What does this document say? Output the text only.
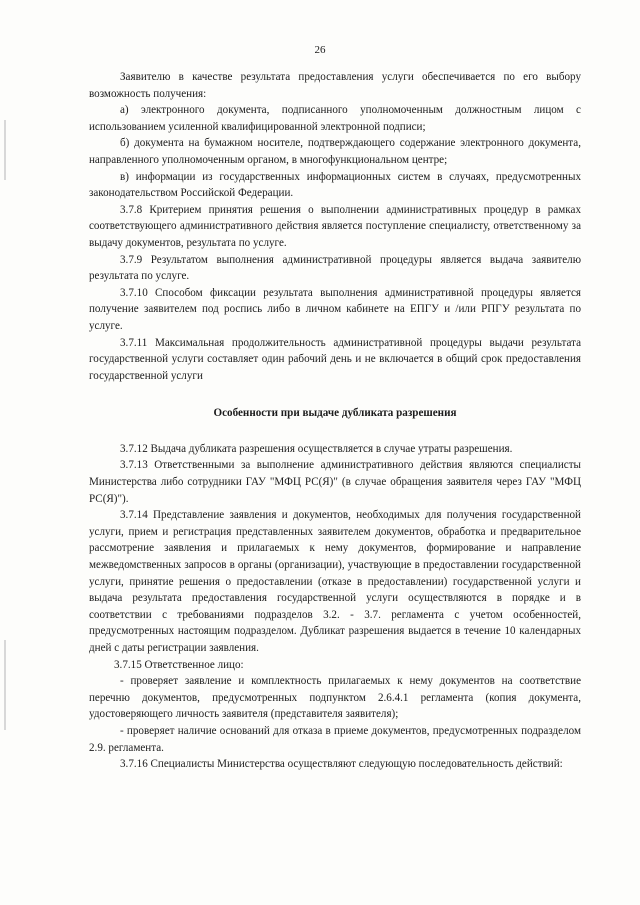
26

Заявителю в качестве результата предоставления услуги обеспечивается по его выбору возможность получения:

а) электронного документа, подписанного уполномоченным должностным лицом с использованием усиленной квалифицированной электронной подписи;

б) документа на бумажном носителе, подтверждающего содержание электронного документа, направленного уполномоченным органом, в многофункциональном центре;

в) информации из государственных информационных систем в случаях, предусмотренных законодательством Российской Федерации.

3.7.8 Критерием принятия решения о выполнении административных процедур в рамках соответствующего административного действия является поступление специалисту, ответственному за выдачу документов, результата по услуге.

3.7.9 Результатом выполнения административной процедуры является выдача заявителю результата по услуге.

3.7.10 Способом фиксации результата выполнения административной процедуры является получение заявителем под роспись либо в личном кабинете на ЕПГУ и /или РПГУ результата по услуге.

3.7.11 Максимальная продолжительность административной процедуры выдачи результата государственной услуги составляет один рабочий день и не включается в общий срок предоставления государственной услуги

Особенности при выдаче дубликата разрешения

3.7.12 Выдача дубликата разрешения осуществляется в случае утраты разрешения.

3.7.13 Ответственными за выполнение административного действия являются специалисты Министерства либо сотрудники ГАУ "МФЦ РС(Я)" (в случае обращения заявителя через ГАУ "МФЦ РС(Я)").

3.7.14 Представление заявления и документов, необходимых для получения государственной услуги, прием и регистрация представленных заявителем документов, обработка и предварительное рассмотрение заявления и прилагаемых к нему документов, формирование и направление межведомственных запросов в органы (организации), участвующие в предоставлении государственной услуги, принятие решения о предоставлении (отказе в предоставлении) государственной услуги и выдача результата предоставления государственной услуги осуществляются в порядке и в соответствии с требованиями подразделов 3.2. - 3.7. регламента с учетом особенностей, предусмотренных настоящим подразделом. Дубликат разрешения выдается в течение 10 календарных дней с даты регистрации заявления.

3.7.15 Ответственное лицо:

- проверяет заявление и комплектность прилагаемых к нему документов на соответствие перечню документов, предусмотренных подпунктом 2.6.4.1 регламента (копия документа, удостоверяющего личность заявителя (представителя заявителя);

- проверяет наличие оснований для отказа в приеме документов, предусмотренных подразделом 2.9. регламента.

3.7.16 Специалисты Министерства осуществляют следующую последовательность действий:
